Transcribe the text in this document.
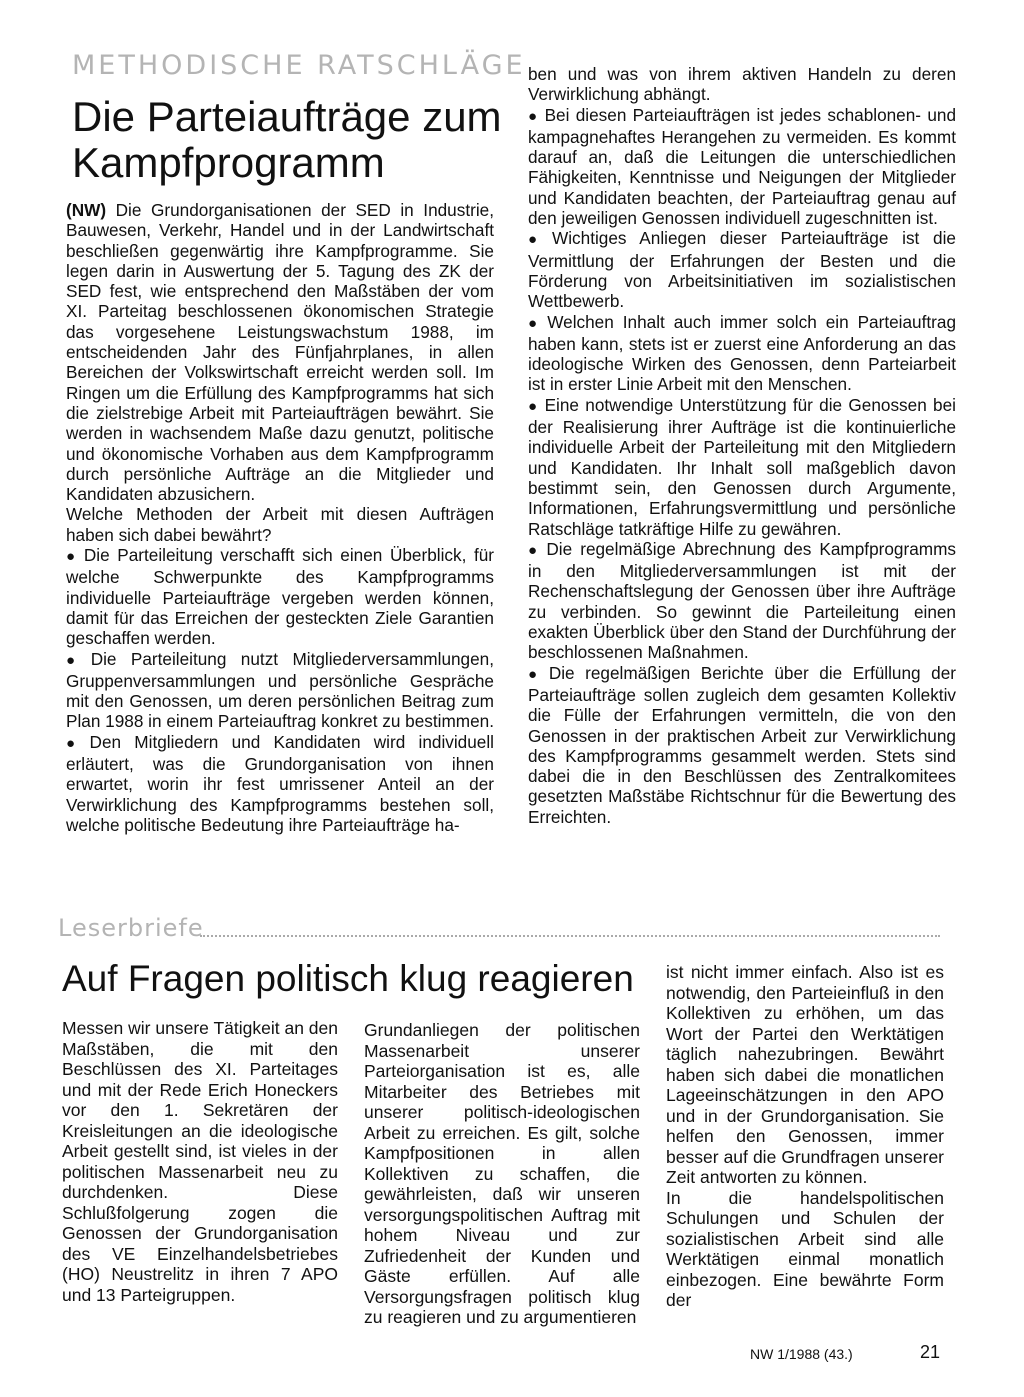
METHODISCHE RATSCHLÄGE
Die Parteiaufträge zum Kampfprogramm

(NW) Die Grundorganisationen der SED in Industrie, Bauwesen, Verkehr, Handel und in der Landwirtschaft beschließen gegenwärtig ihre Kampfprogramme. Sie legen darin in Auswertung der 5. Tagung des ZK der SED fest, wie entsprechend den Maßstäben der vom XI. Parteitag beschlossenen ökonomischen Strategie das vorgesehene Leistungswachstum 1988, im entscheidenden Jahr des Fünfjahrplanes, in allen Bereichen der Volkswirtschaft erreicht werden soll. Im Ringen um die Erfüllung des Kampfprogramms hat sich die zielstrebige Arbeit mit Parteiaufträgen bewährt. Sie werden in wachsendem Maße dazu genutzt, politische und ökonomische Vorhaben aus dem Kampfprogramm durch persönliche Aufträge an die Mitglieder und Kandidaten abzusichern.

Welche Methoden der Arbeit mit diesen Aufträgen haben sich dabei bewährt?

● Die Parteileitung verschafft sich einen Überblick, für welche Schwerpunkte des Kampfprogramms individuelle Parteiaufträge vergeben werden können, damit für das Erreichen der gesteckten Ziele Garantien geschaffen werden.

● Die Parteileitung nutzt Mitgliederversammlungen, Gruppenversammlungen und persönliche Gespräche mit den Genossen, um deren persönlichen Beitrag zum Plan 1988 in einem Parteiauftrag konkret zu bestimmen.

● Den Mitgliedern und Kandidaten wird individuell erläutert, was die Grundorganisation von ihnen erwartet, worin ihr fest umrissener Anteil an der Verwirklichung des Kampfprogramms bestehen soll, welche politische Bedeutung ihre Parteiaufträge ha-

ben und was von ihrem aktiven Handeln zu deren Verwirklichung abhängt.

● Bei diesen Parteiaufträgen ist jedes schablonen- und kampagnehaftes Herangehen zu vermeiden. Es kommt darauf an, daß die Leitungen die unterschiedlichen Fähigkeiten, Kenntnisse und Neigungen der Mitglieder und Kandidaten beachten, der Parteiauftrag genau auf den jeweiligen Genossen individuell zugeschnitten ist.

● Wichtiges Anliegen dieser Parteiaufträge ist die Vermittlung der Erfahrungen der Besten und die Förderung von Arbeitsinitiativen im sozialistischen Wettbewerb.

● Welchen Inhalt auch immer solch ein Parteiauftrag haben kann, stets ist er zuerst eine Anforderung an das ideologische Wirken des Genossen, denn Parteiarbeit ist in erster Linie Arbeit mit den Menschen.

● Eine notwendige Unterstützung für die Genossen bei der Realisierung ihrer Aufträge ist die kontinuierliche individuelle Arbeit der Parteileitung mit den Mitgliedern und Kandidaten. Ihr Inhalt soll maßgeblich davon bestimmt sein, den Genossen durch Argumente, Informationen, Erfahrungsvermittlung und persönliche Ratschläge tatkräftige Hilfe zu gewähren.

● Die regelmäßige Abrechnung des Kampfprogramms in den Mitgliederversammlungen ist mit der Rechenschaftslegung der Genossen über ihre Aufträge zu verbinden. So gewinnt die Parteileitung einen exakten Überblick über den Stand der Durchführung der beschlossenen Maßnahmen.

● Die regelmäßigen Berichte über die Erfüllung der Parteiaufträge sollen zugleich dem gesamten Kollektiv die Fülle der Erfahrungen vermitteln, die von den Genossen in der praktischen Arbeit zur Verwirklichung des Kampfprogramms gesammelt werden. Stets sind dabei die in den Beschlüssen des Zentralkomitees gesetzten Maßstäbe Richtschnur für die Bewertung des Erreichten.

Leserbriefe
Auf Fragen politisch klug reagieren

Messen wir unsere Tätigkeit an den Maßstäben, die mit den Beschlüssen des XI. Parteitages und mit der Rede Erich Honeckers vor den 1. Sekretären der Kreisleitungen an die ideologische Arbeit gestellt sind, ist vieles in der politischen Massenarbeit neu zu durchdenken. Diese Schlußfolgerung zogen die Genossen der Grundorganisation des VE Einzelhandelsbetriebes (HO) Neustrelitz in ihren 7 APO und 13 Parteigruppen.

Grundanliegen der politischen Massenarbeit unserer Parteiorganisation ist es, alle Mitarbeiter des Betriebes mit unserer politisch-ideologischen Arbeit zu erreichen. Es gilt, solche Kampfpositionen in allen Kollektiven zu schaffen, die gewährleisten, daß wir unseren versorgungspolitischen Auftrag mit hohem Niveau und zur Zufriedenheit der Kunden und Gäste erfüllen. Auf alle Versorgungsfragen politisch klug zu reagieren und zu argumentieren

ist nicht immer einfach. Also ist es notwendig, den Parteieinfluß in den Kollektiven zu erhöhen, um das Wort der Partei den Werktätigen täglich nahezubringen. Bewährt haben sich dabei die monatlichen Lageeinschätzungen in den APO und in der Grundorganisation. Sie helfen den Genossen, immer besser auf die Grundfragen unserer Zeit antworten zu können.

In die handelspolitischen Schulungen und Schulen der sozialistischen Arbeit sind alle Werktätigen einmal monatlich einbezogen. Eine bewährte Form der

NW 1/1988 (43.)	21
